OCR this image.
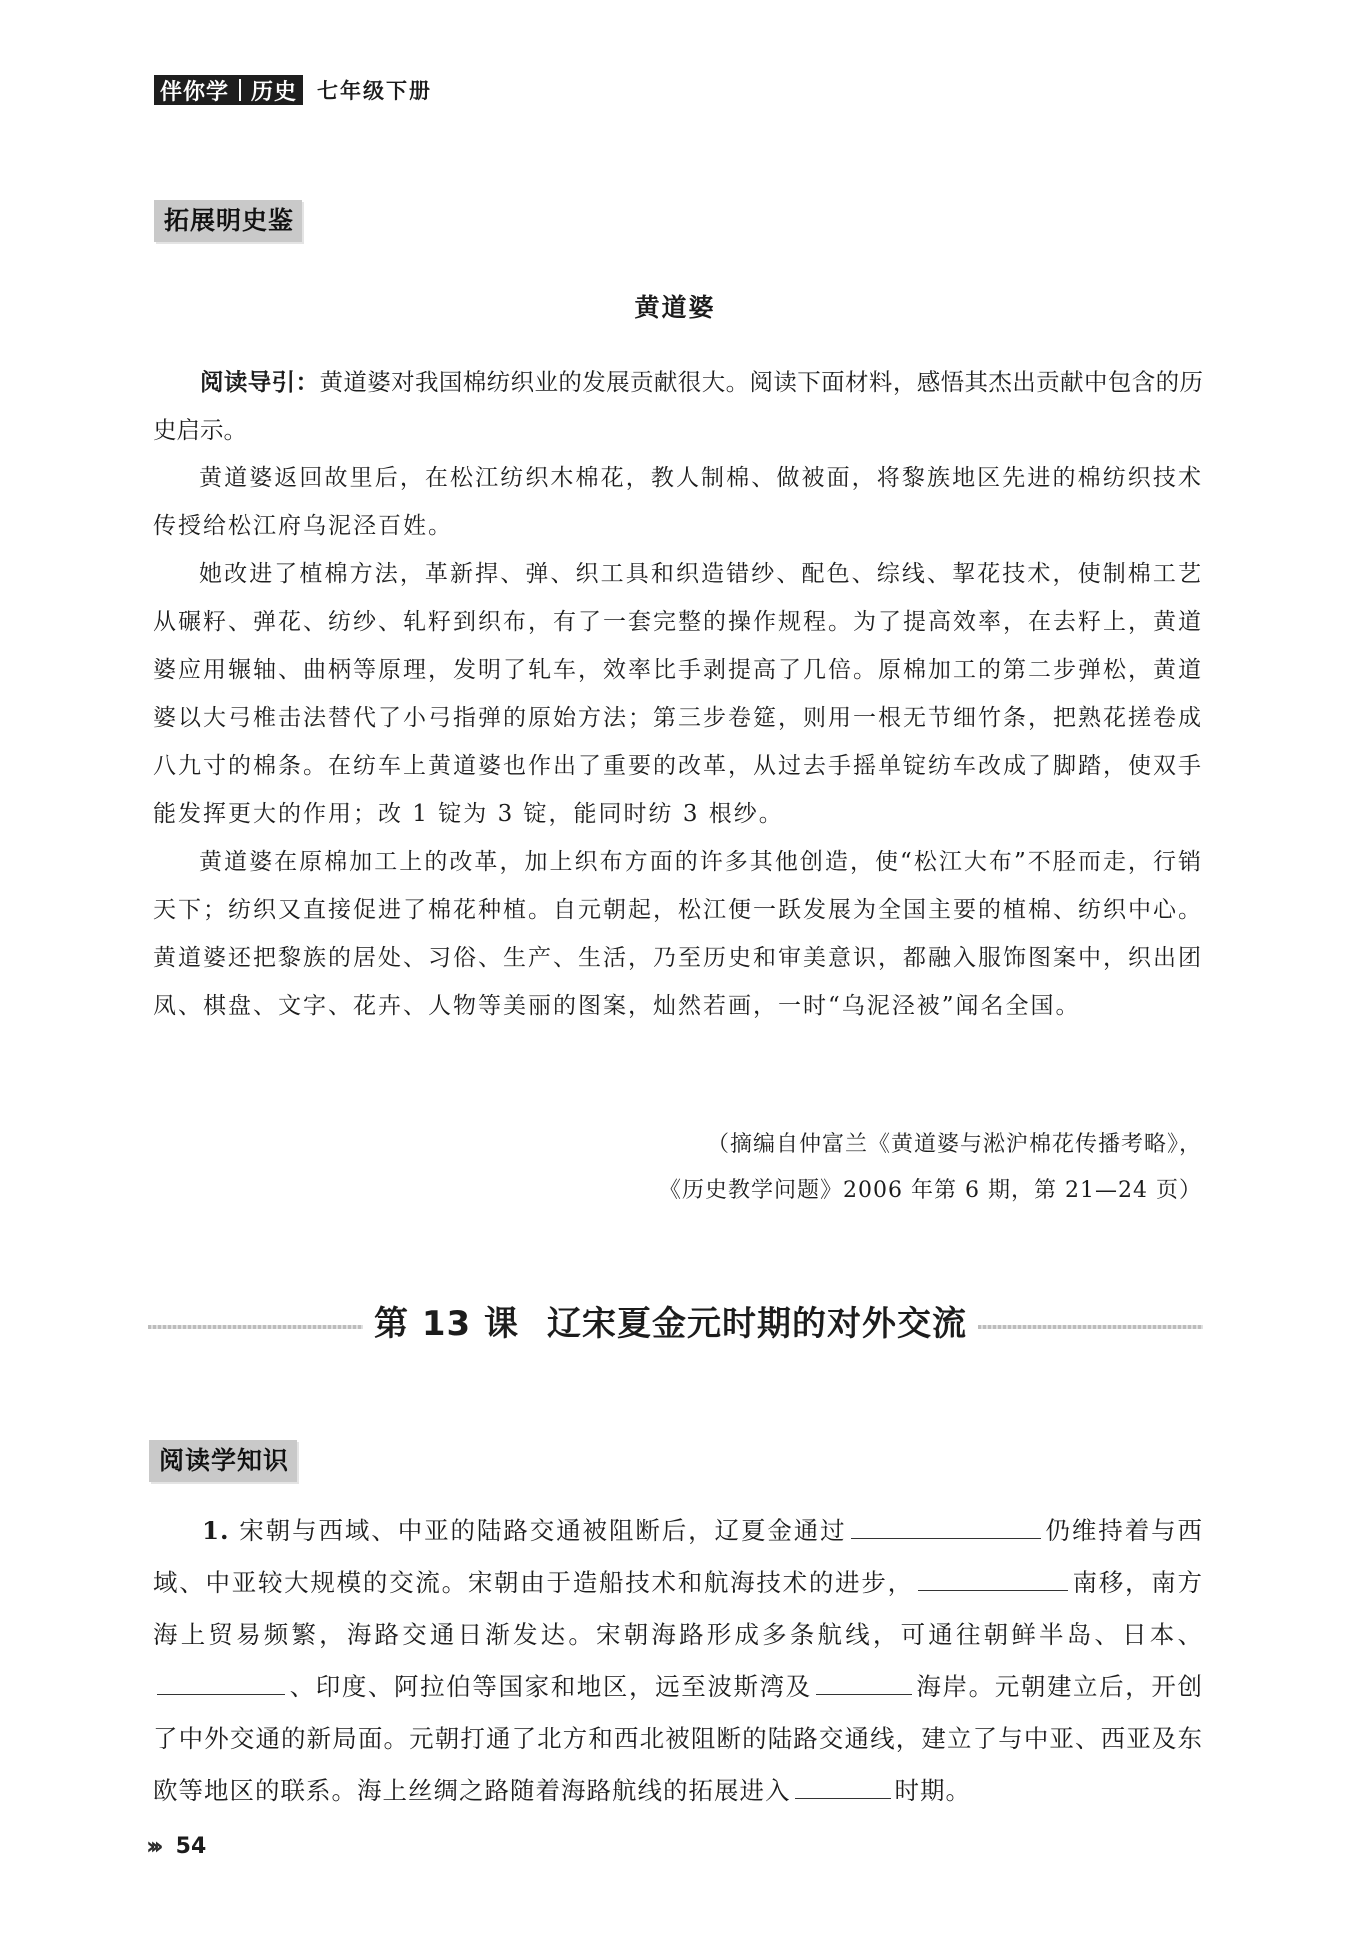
伴你学 历史 七年级下册
拓展明史鉴
黄道婆

阅读导引：黄道婆对我国棉纺织业的发展贡献很大。阅读下面材料，感悟其杰出贡献中包含的历史启示。

黄道婆返回故里后，在松江纺织木棉花，教人制棉、做被面，将黎族地区先进的棉纺织技术传授给松江府乌泥泾百姓。

她改进了植棉方法，革新捍、弹、织工具和织造错纱、配色、综线、挈花技术，使制棉工艺从碾籽、弹花、纺纱、轧籽到织布，有了一套完整的操作规程。为了提高效率，在去籽上，黄道婆应用辗轴、曲柄等原理，发明了轧车，效率比手剥提高了几倍。原棉加工的第二步弹松，黄道婆以大弓椎击法替代了小弓指弹的原始方法；第三步卷筵，则用一根无节细竹条，把熟花搓卷成八九寸的棉条。在纺车上黄道婆也作出了重要的改革，从过去手摇单锭纺车改成了脚踏，使双手能发挥更大的作用；改 1 锭为 3 锭，能同时纺 3 根纱。

黄道婆在原棉加工上的改革，加上织布方面的许多其他创造，使“松江大布”不胫而走，行销天下；纺织又直接促进了棉花种植。自元朝起，松江便一跃发展为全国主要的植棉、纺织中心。黄道婆还把黎族的居处、习俗、生产、生活，乃至历史和审美意识，都融入服饰图案中，织出团凤、棋盘、文字、花卉、人物等美丽的图案，灿然若画，一时“乌泥泾被”闻名全国。

（摘编自仲富兰《黄道婆与淞沪棉花传播考略》，
《历史教学问题》2006 年第 6 期，第 21—24 页）
第 13 课 辽宋夏金元时期的对外交流
阅读学知识

1. 宋朝与西域、中亚的陆路交通被阻断后，辽夏金通过	仍维持着与西域、中亚较大规模的交流。宋朝由于造船技术和航海技术的进步，	南移，南方海上贸易频繁，海路交通日渐发达。宋朝海路形成多条航线，可通往朝鲜半岛、日本、、印度、阿拉伯等国家和地区，远至波斯湾及	海岸。元朝建立后，开创了中外交通的新局面。元朝打通了北方和西北被阻断的陆路交通线，建立了与中亚、西亚及东欧等地区的联系。海上丝绸之路随着海路航线的拓展进入	时期。

››› 54
